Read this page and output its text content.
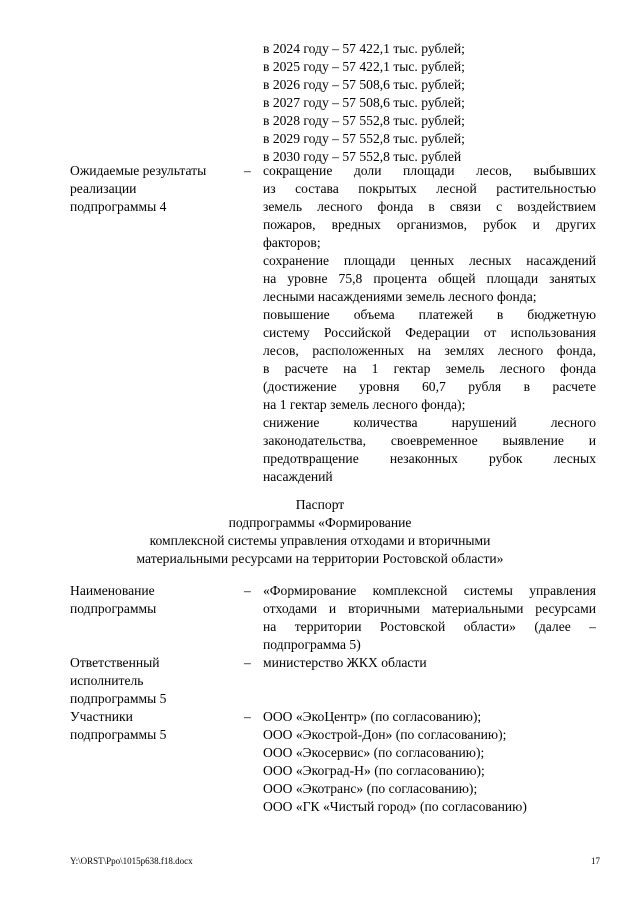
в 2024 году – 57 422,1 тыс. рублей;
в 2025 году – 57 422,1 тыс. рублей;
в 2026 году – 57 508,6 тыс. рублей;
в 2027 году – 57 508,6 тыс. рублей;
в 2028 году – 57 552,8 тыс. рублей;
в 2029 году – 57 552,8 тыс. рублей;
в 2030 году – 57 552,8 тыс. рублей
Ожидаемые результаты
реализации
подпрограммы 4
– сокращение доли площади лесов, выбывших
из состава покрытых лесной растительностью
земель лесного фонда в связи с воздействием
пожаров, вредных организмов, рубок и других
факторов;
сохранение площади ценных лесных насаждений
на уровне 75,8 процента общей площади занятых
лесными насаждениями земель лесного фонда;
повышение объема платежей в бюджетную
систему Российской Федерации от использования
лесов, расположенных на землях лесного фонда,
в расчете на 1 гектар земель лесного фонда
(достижение уровня 60,7 рубля в расчете
на 1 гектар земель лесного фонда);
снижение количества нарушений лесного
законодательства, своевременное выявление и
предотвращение незаконных рубок лесных
насаждений
Паспорт
подпрограммы «Формирование
комплексной системы управления отходами и вторичными
материальными ресурсами на территории Ростовской области»
Наименование
подпрограммы
– «Формирование комплексной системы управления
отходами и вторичными материальными ресурсами
на территории Ростовской области» (далее –
подпрограмма 5)
Ответственный
исполнитель
подпрограммы 5
– министерство ЖКХ области
Участники
подпрограммы 5
– ООО «ЭкоЦентр» (по согласованию);
ООО «Экострой-Дон» (по согласованию);
ООО «Экосервис» (по согласованию);
ООО «Экоград-Н» (по согласованию);
ООО «Экотранс» (по согласованию);
ООО «ГК «Чистый город» (по согласованию)
Y:\ORST\Ppo\1015p638.f18.docx	17
